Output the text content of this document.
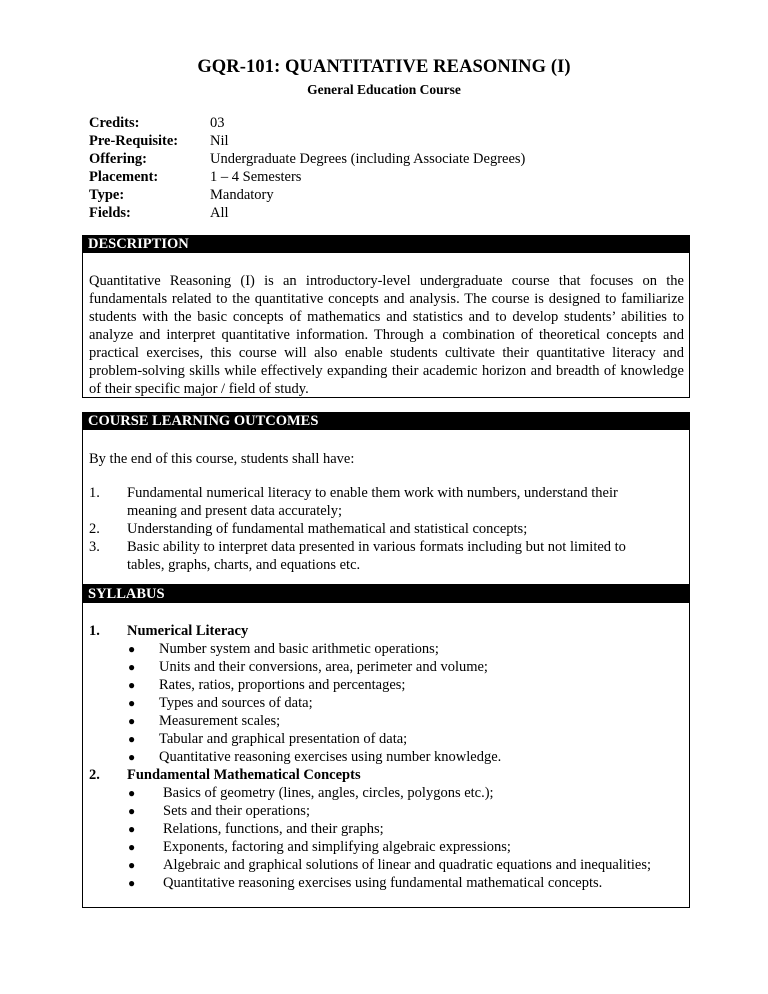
GQR-101: QUANTITATIVE REASONING (I)
General Education Course
Credits:	03
Pre-Requisite:	Nil
Offering:	Undergraduate Degrees (including Associate Degrees)
Placement:	1 – 4 Semesters
Type:	Mandatory
Fields:	All
DESCRIPTION
Quantitative Reasoning (I) is an introductory-level undergraduate course that focuses on the fundamentals related to the quantitative concepts and analysis. The course is designed to familiarize students with the basic concepts of mathematics and statistics and to develop students’ abilities to analyze and interpret quantitative information. Through a combination of theoretical concepts and practical exercises, this course will also enable students cultivate their quantitative literacy and problem-solving skills while effectively expanding their academic horizon and breadth of knowledge of their specific major / field of study.
COURSE LEARNING OUTCOMES
By the end of this course, students shall have:
1.	Fundamental numerical literacy to enable them work with numbers, understand their meaning and present data accurately;
2.	Understanding of fundamental mathematical and statistical concepts;
3.	Basic ability to interpret data presented in various formats including but not limited to tables, graphs, charts, and equations etc.
SYLLABUS
1.	Numerical Literacy
●	Number system and basic arithmetic operations;
●	Units and their conversions, area, perimeter and volume;
●	Rates, ratios, proportions and percentages;
●	Types and sources of data;
●	Measurement scales;
●	Tabular and graphical presentation of data;
●	Quantitative reasoning exercises using number knowledge.
2.	Fundamental Mathematical Concepts
●	Basics of geometry (lines, angles, circles, polygons etc.);
●	Sets and their operations;
●	Relations, functions, and their graphs;
●	Exponents, factoring and simplifying algebraic expressions;
●	Algebraic and graphical solutions of linear and quadratic equations and inequalities;
●	Quantitative reasoning exercises using fundamental mathematical concepts.
